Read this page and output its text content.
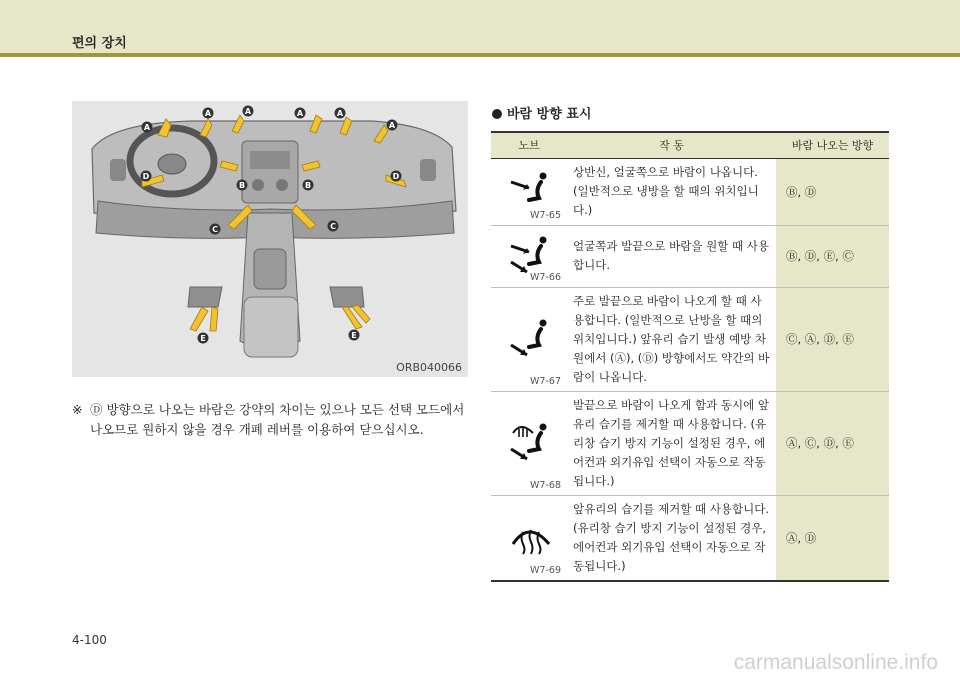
편의 장치
A
A	A	A	A
A
D
B	B
D
C	C
E	E
ORB040066
※ Ⓓ 방향으로 나오는 바람은 강약의 차이는 있으나 모든 선택 모드에서 나오므로 원하지 않을 경우 개폐 레버를 이용하여 닫으십시오.
바람 방향 표시
노브	작 동	바람 나오는 방향

W7-65	상반신, 얼굴쪽으로 바람이 나옵니다. (일반적으로 냉방을 할 때의 위치입니다.)	Ⓑ, Ⓓ

W7-66	얼굴쪽과 발끝으로 바람을 원할 때 사용합니다.	Ⓑ, Ⓓ, Ⓔ, Ⓒ

W7-67	주로 발끝으로 바람이 나오게 할 때 사용합니다. (일반적으로 난방을 할 때의 위치입니다.) 앞유리 습기 발생 예방 차원에서 (Ⓐ), (Ⓓ) 방향에서도 약간의 바람이 나옵니다.	Ⓒ, Ⓐ, Ⓓ, Ⓔ

W7-68	발끝으로 바람이 나오게 함과 동시에 앞 유리 습기를 제거할 때 사용합니다. (유리창 습기 방지 기능이 설정된 경우, 에어컨과 외기유입 선택이 자동으로 작동됩니다.)	Ⓐ, Ⓒ, Ⓓ, Ⓔ

W7-69	앞유리의 습기를 제거할 때 사용합니다. (유리창 습기 방지 기능이 설정된 경우, 에어컨과 외기유입 선택이 자동으로 작동됩니다.)	Ⓐ, Ⓓ
4-100
carmanualsonline.info
